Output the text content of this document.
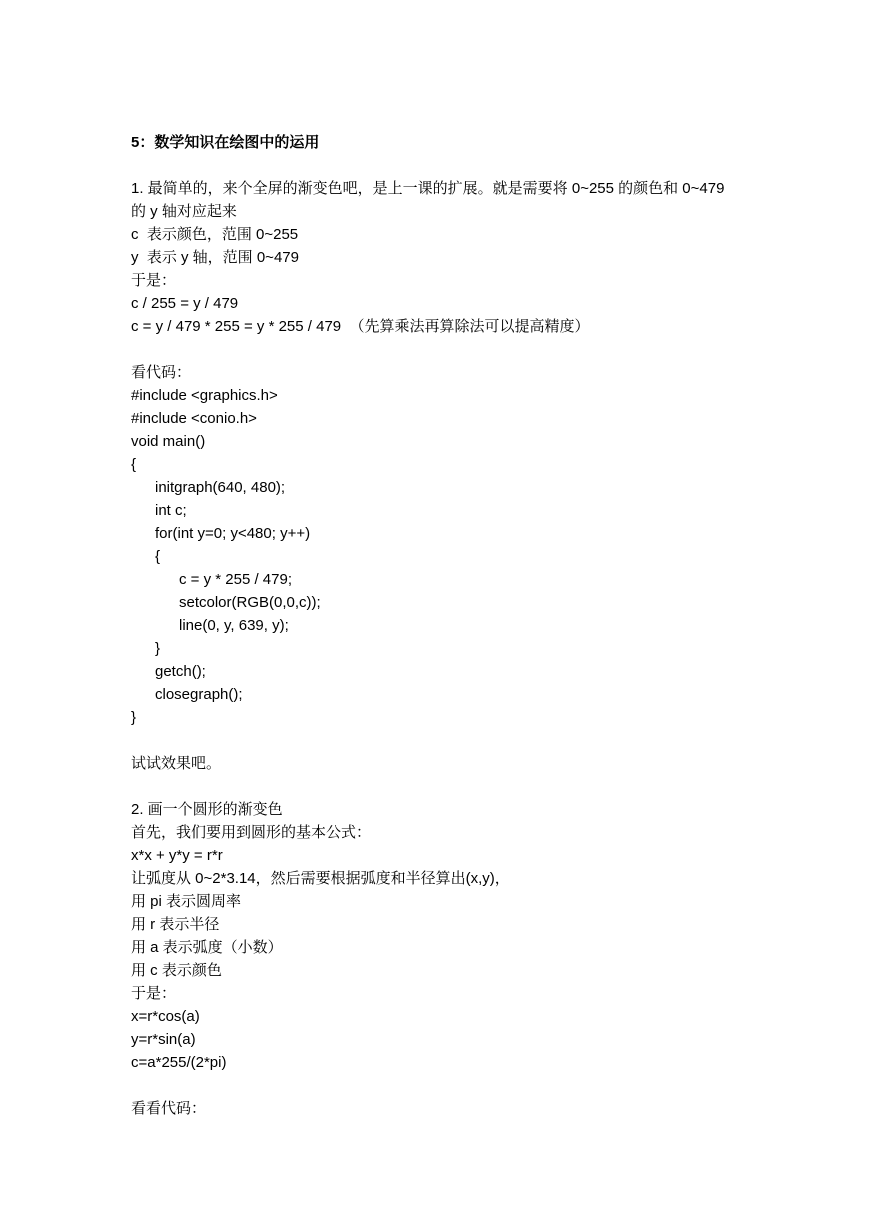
5：数学知识在绘图中的运用
1. 最简单的，来个全屏的渐变色吧，是上一课的扩展。就是需要将 0~255 的颜色和 0~479
的 y 轴对应起来
c  表示颜色，范围 0~255
y  表示 y 轴，范围 0~479
于是：
c / 255 = y / 479
c = y / 479 * 255 = y * 255 / 479  （先算乘法再算除法可以提高精度）
看代码：
#include <graphics.h>
#include <conio.h>
void main()
{
initgraph(640, 480);
int c;
for(int y=0; y<480; y++)
{
c = y * 255 / 479;
setcolor(RGB(0,0,c));
line(0, y, 639, y);
}
getch();
closegraph();
}
试试效果吧。
2. 画一个圆形的渐变色
首先，我们要用到圆形的基本公式：
x*x + y*y = r*r
让弧度从 0~2*3.14，然后需要根据弧度和半径算出(x,y)，
用 pi 表示圆周率
用 r 表示半径
用 a 表示弧度（小数）
用 c 表示颜色
于是：
x=r*cos(a)
y=r*sin(a)
c=a*255/(2*pi)
看看代码：
